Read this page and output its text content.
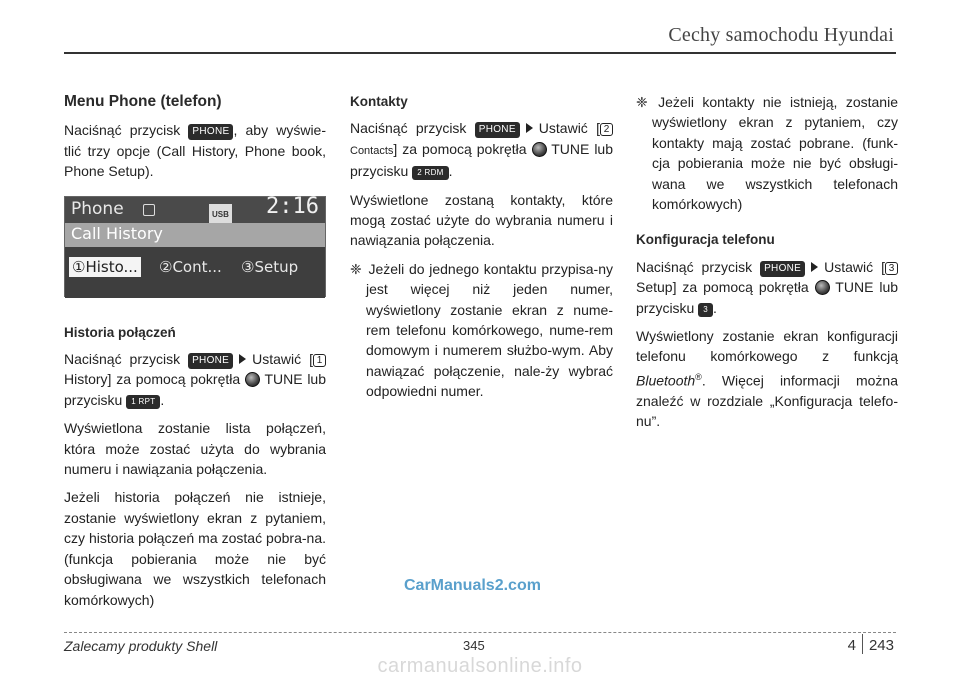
Cechy samochodu Hyundai
Menu Phone (telefon)

Naciśnąć przycisk PHONE , aby wyświe-tlić trzy opcje (Call History, Phone book, Phone Setup).

Phone	USB 2:16
Call History
①Histo... ②Cont... ③Setup
Historia połączeń

Naciśnąć przycisk PHONE Ustawić [ 1 History] za pomocą pokrętła TUNE lub przycisku 1 RPT .

Wyświetlona zostanie lista połączeń, która może zostać użyta do wybrania numeru i nawiązania połączenia.

Jeżeli historia połączeń nie istnieje, zostanie wyświetlony ekran z pytaniem, czy historia połączeń ma zostać pobra-na. (funkcja pobierania może nie być obsługiwana we wszystkich telefonach komórkowych)

Kontakty

Naciśnąć przycisk PHONE Ustawić [ 2Contacts] za pomocą pokrętła TUNE lub przycisku 2 RDM .

Wyświetlone zostaną kontakty, które mogą zostać użyte do wybrania numeru i nawiązania połączenia.

❈ Jeżeli do jednego kontaktu przypisa-ny jest więcej niż jeden numer, wyświetlony zostanie ekran z nume-rem telefonu komórkowego, nume-rem domowym i numerem służbo-wym. Aby nawiązać połączenie, nale-ży wybrać odpowiedni numer.

❈ Jeżeli kontakty nie istnieją, zostanie wyświetlony ekran z pytaniem, czy kontakty mają zostać pobrane. (funk-cja pobierania może nie być obsługi-wana we wszystkich telefonach komórkowych)

Konfiguracja telefonu

Naciśnąć przycisk PHONE Ustawić [ 3 Setup] za pomocą pokrętła TUNE lub przycisku 3 .

Wyświetlony zostanie ekran konfiguracji telefonu komórkowego z funkcją Bluetooth®. Więcej informacji można znaleźć w rozdziale „Konfiguracja telefo-nu”.

CarManuals2.com
Zalecamy produkty Shell	345	4 243
carmanualsonline.info
